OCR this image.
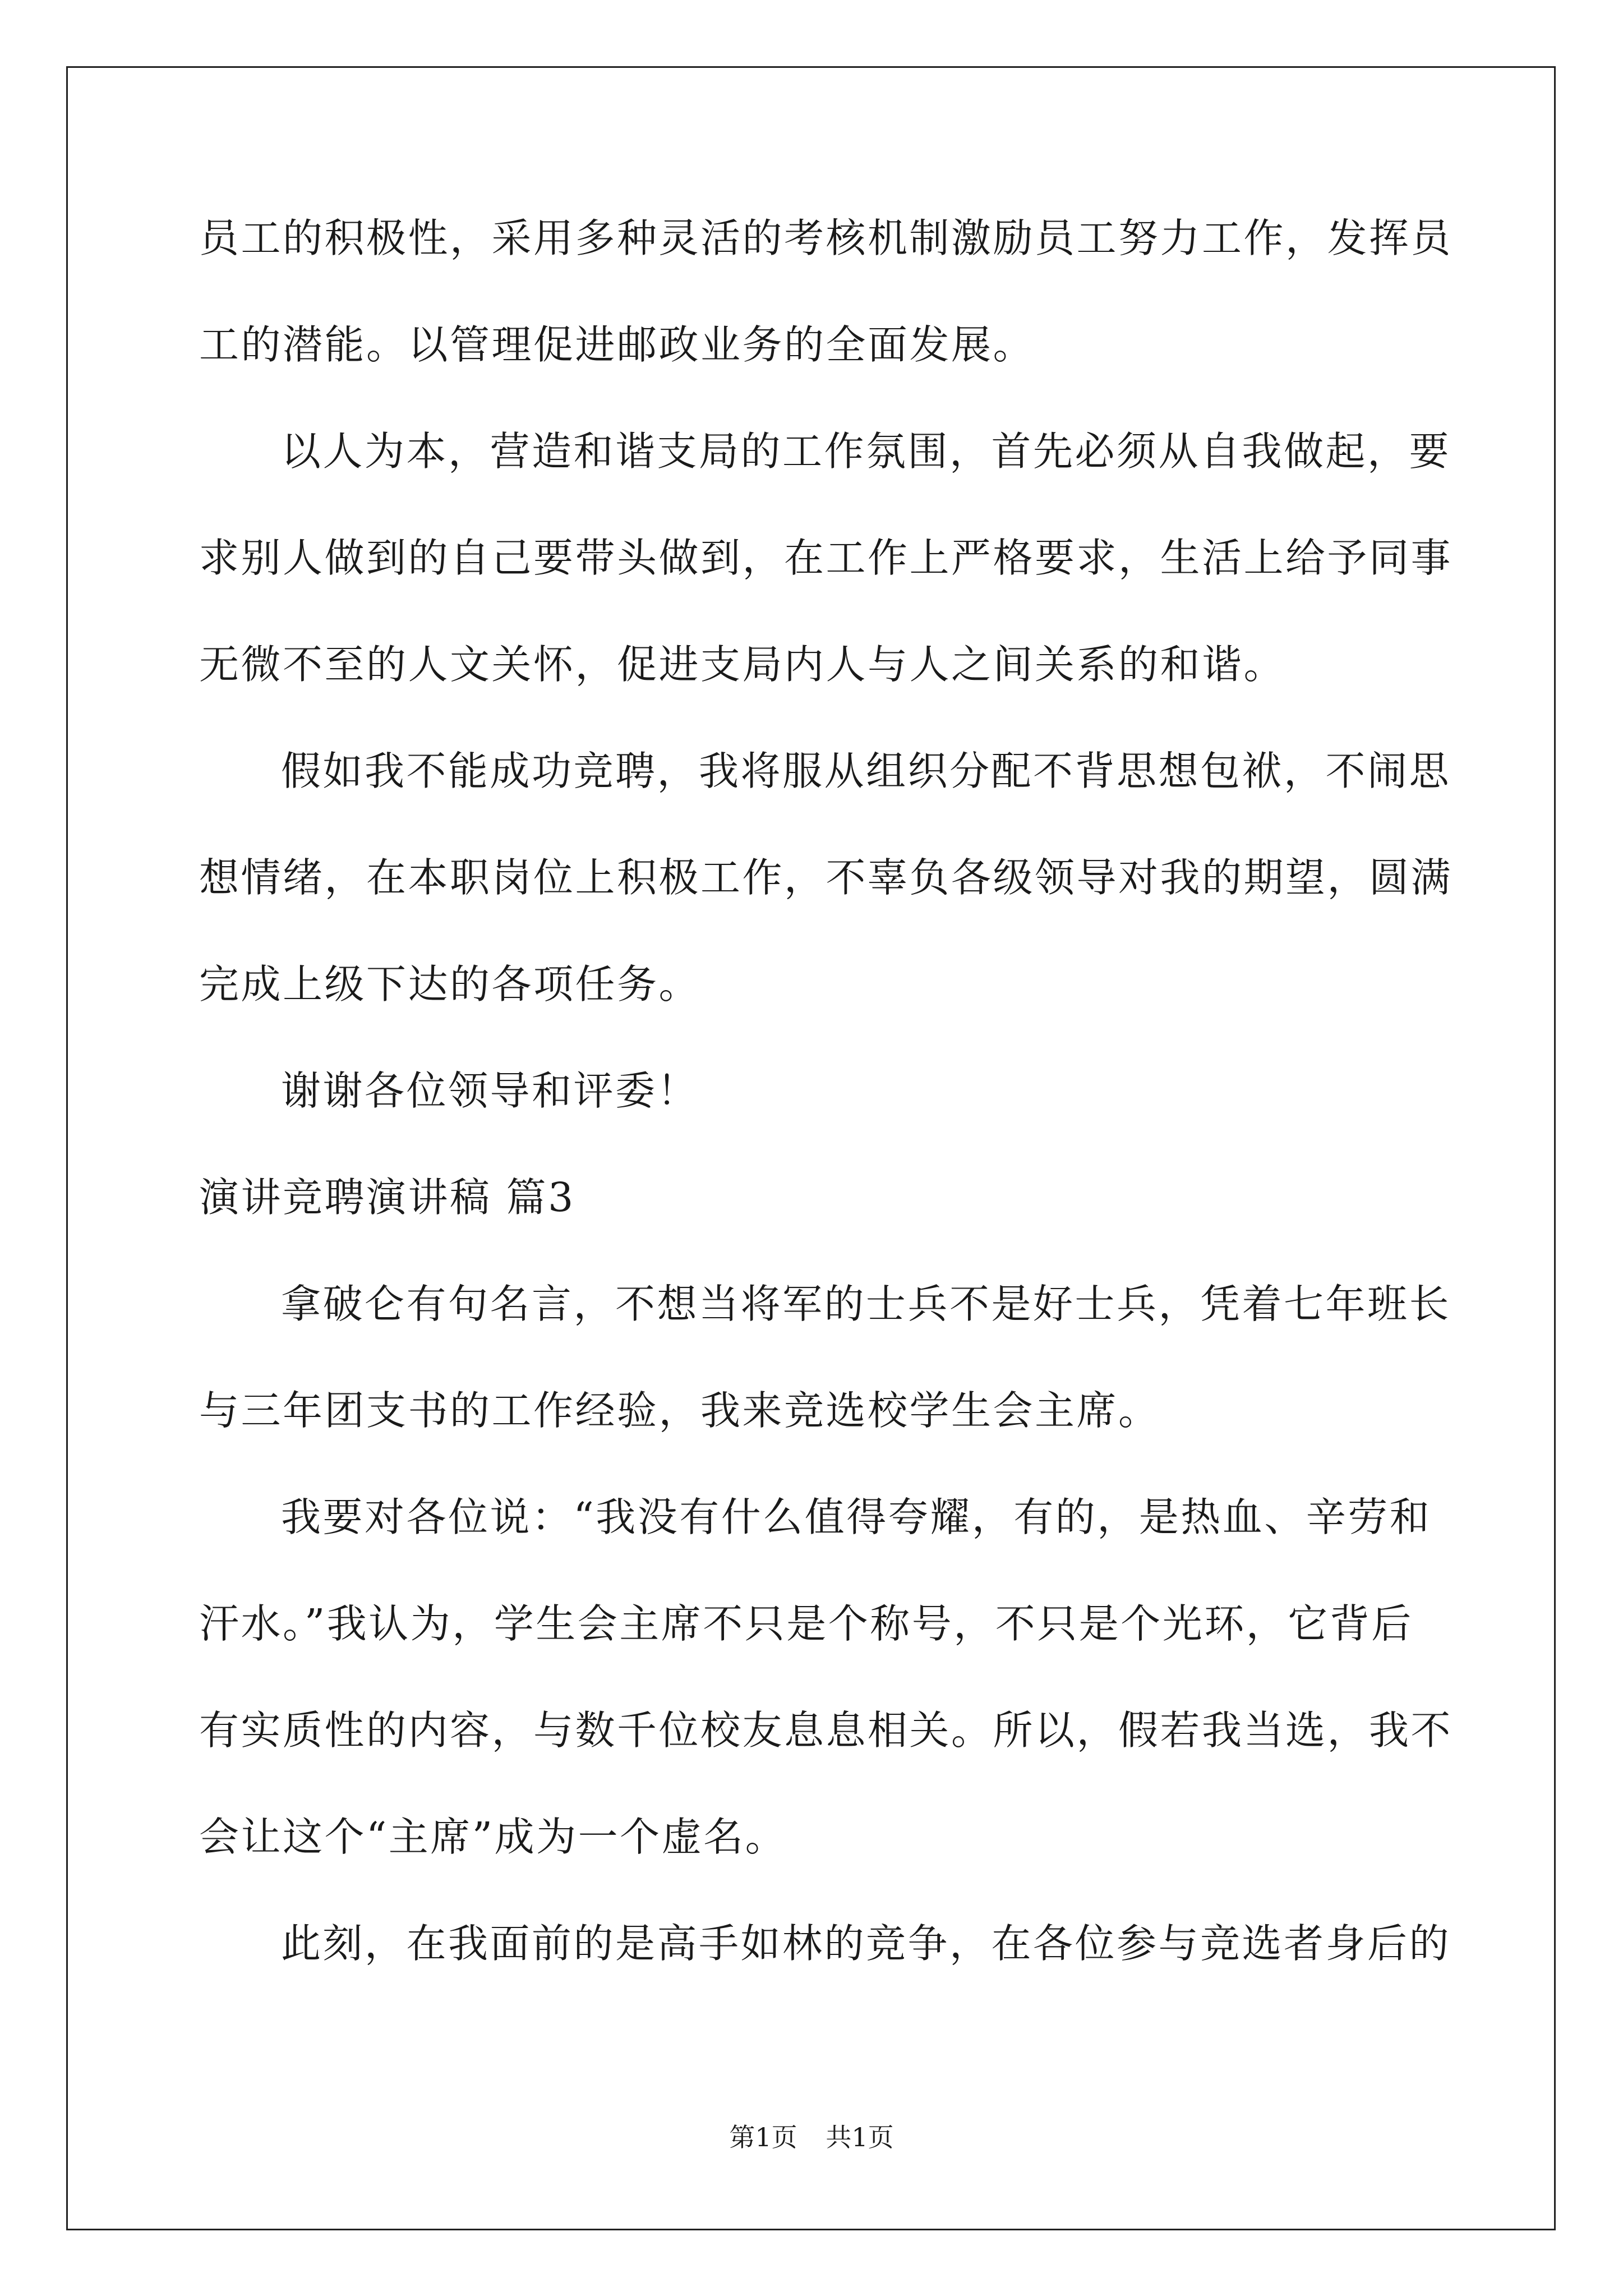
员工的积极性，采用多种灵活的考核机制激励员工努力工作，发挥员
工的潜能。以管理促进邮政业务的全面发展。
以人为本，营造和谐支局的工作氛围，首先必须从自我做起，要
求别人做到的自己要带头做到，在工作上严格要求，生活上给予同事
无微不至的人文关怀，促进支局内人与人之间关系的和谐。
假如我不能成功竞聘，我将服从组织分配不背思想包袱，不闹思
想情绪，在本职岗位上积极工作，不辜负各级领导对我的期望，圆满
完成上级下达的各项任务。
谢谢各位领导和评委！
演讲竞聘演讲稿 篇3
拿破仑有句名言，不想当将军的士兵不是好士兵，凭着七年班长
与三年团支书的工作经验，我来竞选校学生会主席。
我要对各位说：“我没有什么值得夸耀，有的，是热血、辛劳和
汗水。”我认为，学生会主席不只是个称号，不只是个光环，它背后
有实质性的内容，与数千位校友息息相关。所以，假若我当选，我不
会让这个“主席”成为一个虚名。
此刻，在我面前的是高手如林的竞争，在各位参与竞选者身后的
第1页 共1页
